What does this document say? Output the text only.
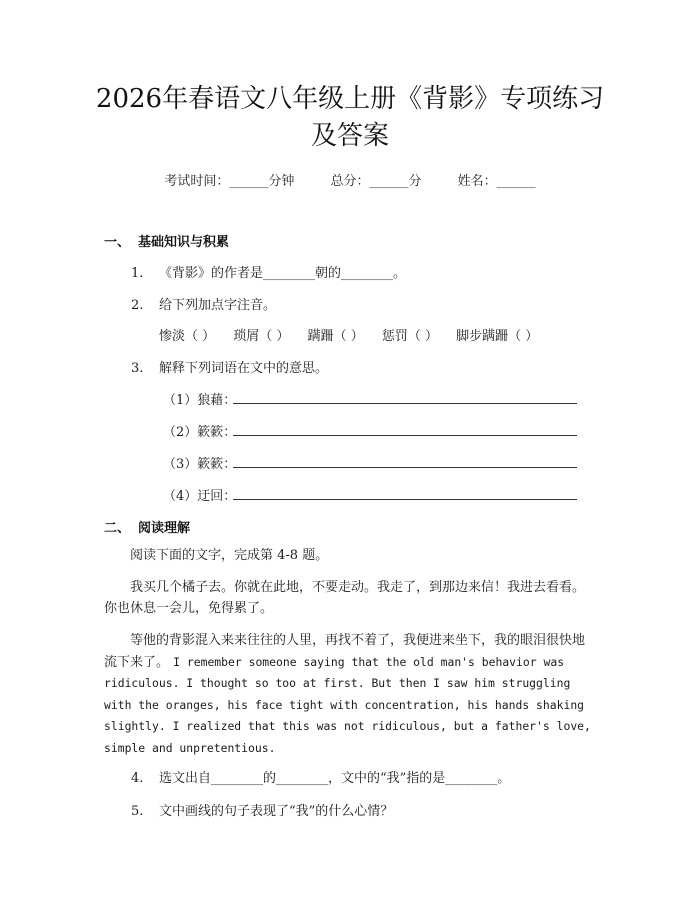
2026年春语文八年级上册《背影》专项练习
及答案
考试时间：______分钟	总分：______分	姓名：______
一、 基础知识与积累
1. 《背影》的作者是________朝的________。
2. 给下列加点字注音。
惨淡（ ） 琐屑（ ） 蹒跚（ ） 惩罚（ ） 脚步蹒跚（ ）
3. 解释下列词语在文中的意思。
（1）狼藉：
（2）簌簌：
（3）簌簌：
（4）迂回：
二、 阅读理解
阅读下面的文字，完成第 4-8 题。
我买几个橘子去。你就在此地，不要走动。我走了，到那边来信！我进去看看。你也休息一会儿，免得累了。
等他的背影混入来来往往的人里，再找不着了，我便进来坐下，我的眼泪很快地流下来了。 I remember someone saying that the old man's behavior was ridiculous. I thought so too at first. But then I saw him struggling with the oranges, his face tight with concentration, his hands shaking slightly. I realized that this was not ridiculous, but a father's love, simple and unpretentious.
4. 选文出自________的________，文中的“我”指的是________。
5. 文中画线的句子表现了“我”的什么心情？
